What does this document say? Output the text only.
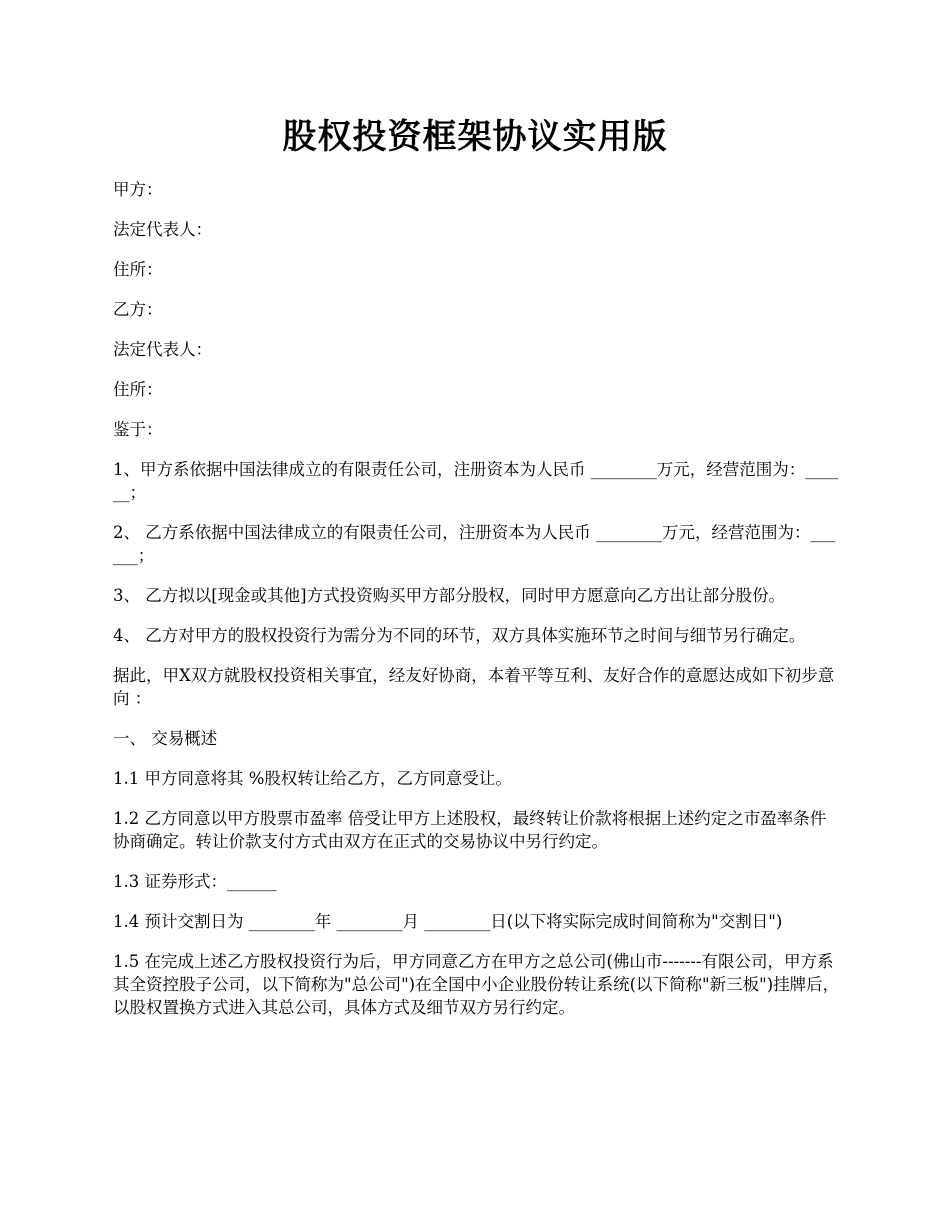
股权投资框架协议实用版

甲方：

法定代表人：

住所：

乙方：

法定代表人：

住所：

鉴于：

1、甲方系依据中国法律成立的有限责任公司，注册资本为人民币 ________万元，经营范围为：______；

2、 乙方系依据中国法律成立的有限责任公司，注册资本为人民币 ________万元，经营范围为：______；

3、 乙方拟以[现金或其他]方式投资购买甲方部分股权，同时甲方愿意向乙方出让部分股份。

4、 乙方对甲方的股权投资行为需分为不同的环节，双方具体实施环节之时间与细节另行确定。

据此，甲X双方就股权投资相关事宜，经友好协商，本着平等互利、友好合作的意愿达成如下初步意向 ：

一、 交易概述

1.1 甲方同意将其 %股权转让给乙方，乙方同意受让。

1.2 乙方同意以甲方股票市盈率 倍受让甲方上述股权，最终转让价款将根据上述约定之市盈率条件协商确定。转让价款支付方式由双方在正式的交易协议中另行约定。

1.3 证券形式：______

1.4 预计交割日为 ________年 ________月 ________日(以下将实际完成时间简称为"交割日")

1.5 在完成上述乙方股权投资行为后，甲方同意乙方在甲方之总公司(佛山市-------有限公司，甲方系其全资控股子公司，以下简称为"总公司")在全国中小企业股份转让系统(以下简称"新三板")挂牌后，以股权置换方式进入其总公司，具体方式及细节双方另行约定。
